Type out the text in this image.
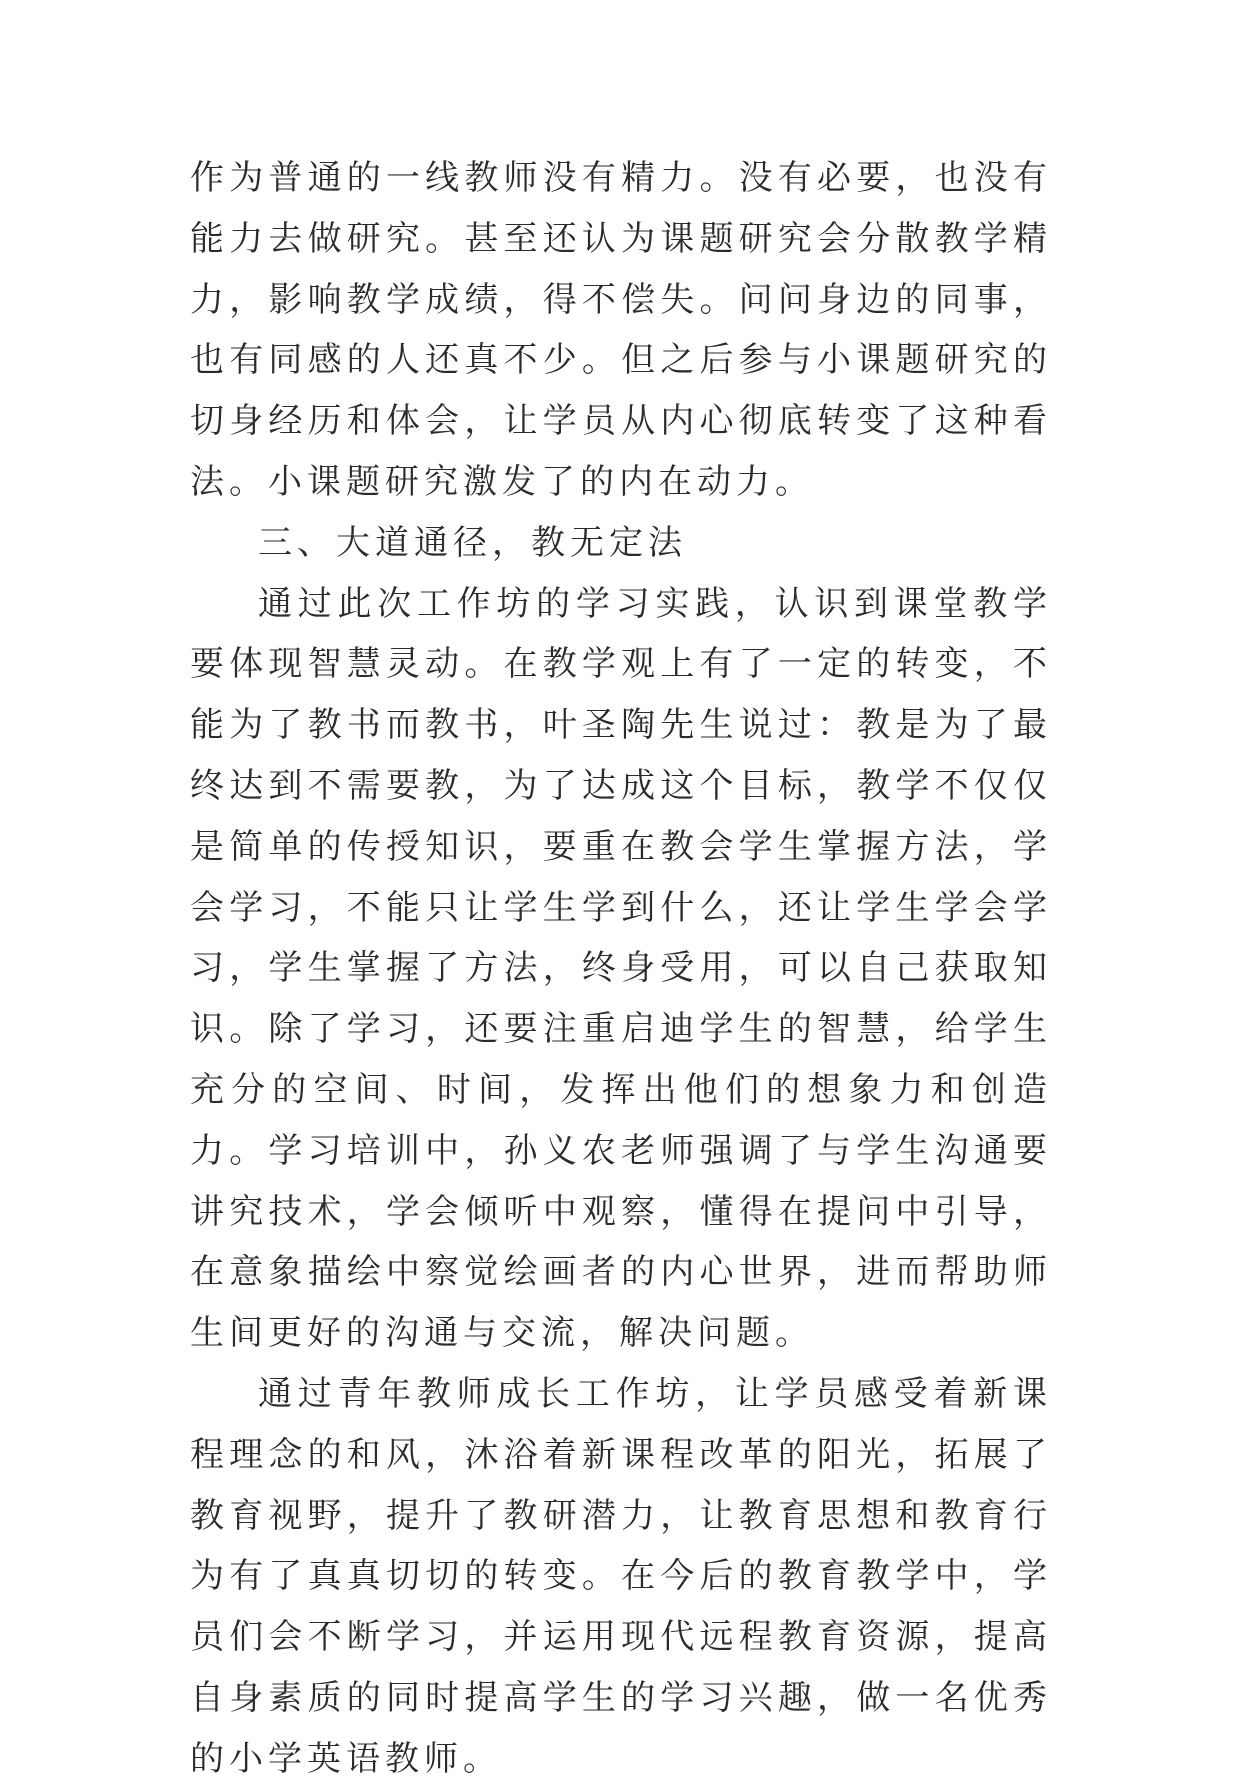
作为普通的一线教师没有精力。没有必要，也没有能力去做研究。甚至还认为课题研究会分散教学精力，影响教学成绩，得不偿失。问问身边的同事，也有同感的人还真不少。但之后参与小课题研究的切身经历和体会，让学员从内心彻底转变了这种看法。小课题研究激发了的内在动力。

三、大道通径，教无定法

通过此次工作坊的学习实践，认识到课堂教学要体现智慧灵动。在教学观上有了一定的转变，不能为了教书而教书，叶圣陶先生说过：教是为了最终达到不需要教，为了达成这个目标，教学不仅仅是简单的传授知识，要重在教会学生掌握方法，学会学习，不能只让学生学到什么，还让学生学会学习，学生掌握了方法，终身受用，可以自己获取知识。除了学习，还要注重启迪学生的智慧，给学生充分的空间、时间，发挥出他们的想象力和创造力。学习培训中，孙义农老师强调了与学生沟通要讲究技术，学会倾听中观察，懂得在提问中引导，在意象描绘中察觉绘画者的内心世界，进而帮助师生间更好的沟通与交流，解决问题。

通过青年教师成长工作坊，让学员感受着新课程理念的和风，沐浴着新课程改革的阳光，拓展了教育视野，提升了教研潜力，让教育思想和教育行为有了真真切切的转变。在今后的教育教学中，学员们会不断学习，并运用现代远程教育资源，提高自身素质的同时提高学生的学习兴趣，做一名优秀的小学英语教师。
